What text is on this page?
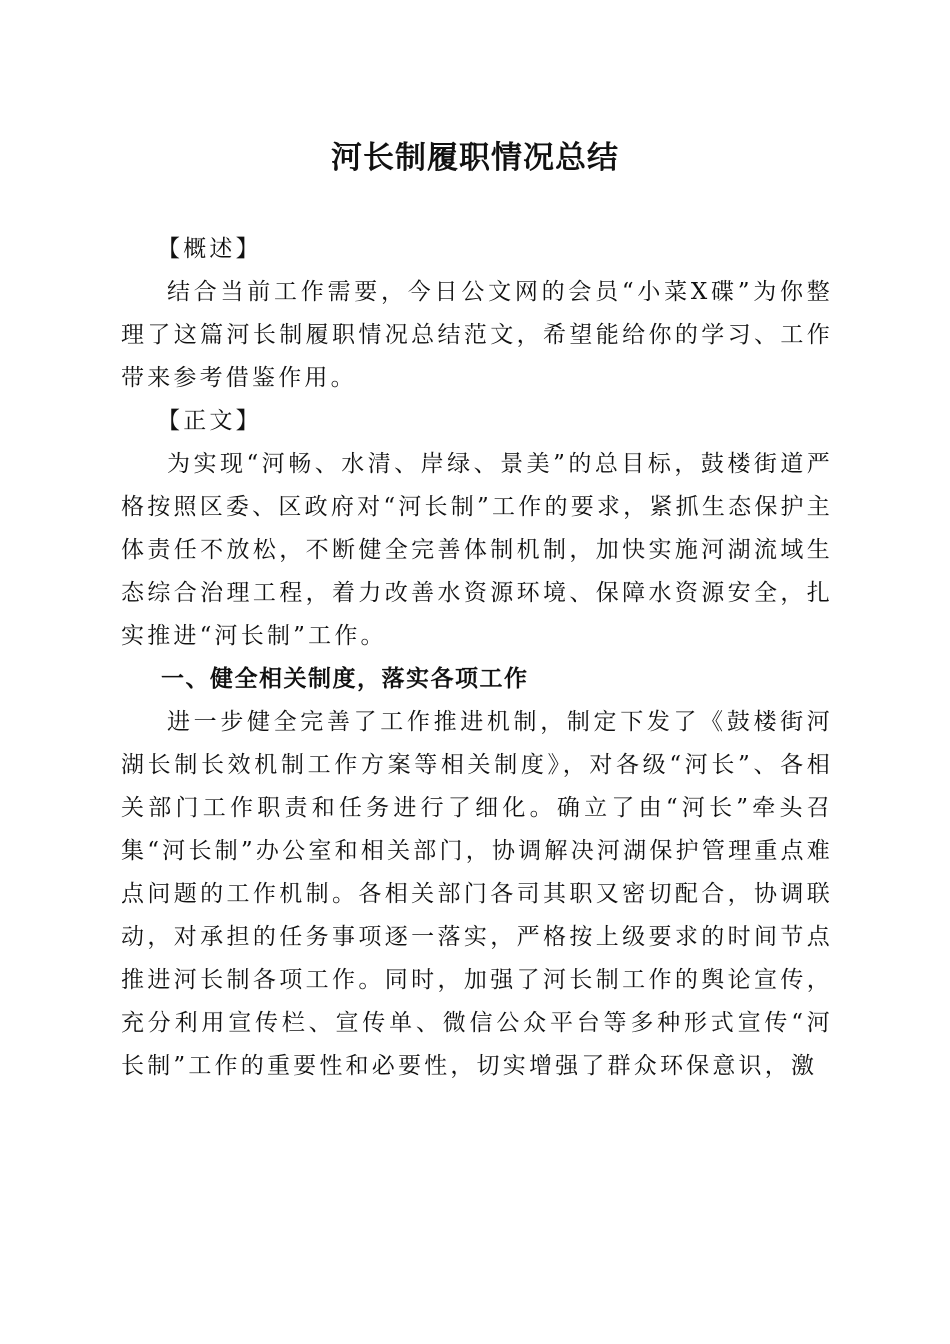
河长制履职情况总结

【概述】

结合当前工作需要，今日公文网的会员“小菜X碟”为你整理了这篇河长制履职情况总结范文，希望能给你的学习、工作带来参考借鉴作用。

【正文】

为实现“河畅、水清、岸绿、景美”的总目标，鼓楼街道严格按照区委、区政府对“河长制”工作的要求，紧抓生态保护主体责任不放松，不断健全完善体制机制，加快实施河湖流域生态综合治理工程，着力改善水资源环境、保障水资源安全，扎实推进“河长制”工作。

一、健全相关制度，落实各项工作

进一步健全完善了工作推进机制，制定下发了《鼓楼街河湖长制长效机制工作方案等相关制度》，对各级“河长”、各相关部门工作职责和任务进行了细化。确立了由“河长”牵头召集“河长制”办公室和相关部门，协调解决河湖保护管理重点难点问题的工作机制。各相关部门各司其职又密切配合，协调联动，对承担的任务事项逐一落实，严格按上级要求的时间节点推进河长制各项工作。同时，加强了河长制工作的舆论宣传，充分利用宣传栏、宣传单、微信公众平台等多种形式宣传“河长制”工作的重要性和必要性，切实增强了群众环保意识，激
